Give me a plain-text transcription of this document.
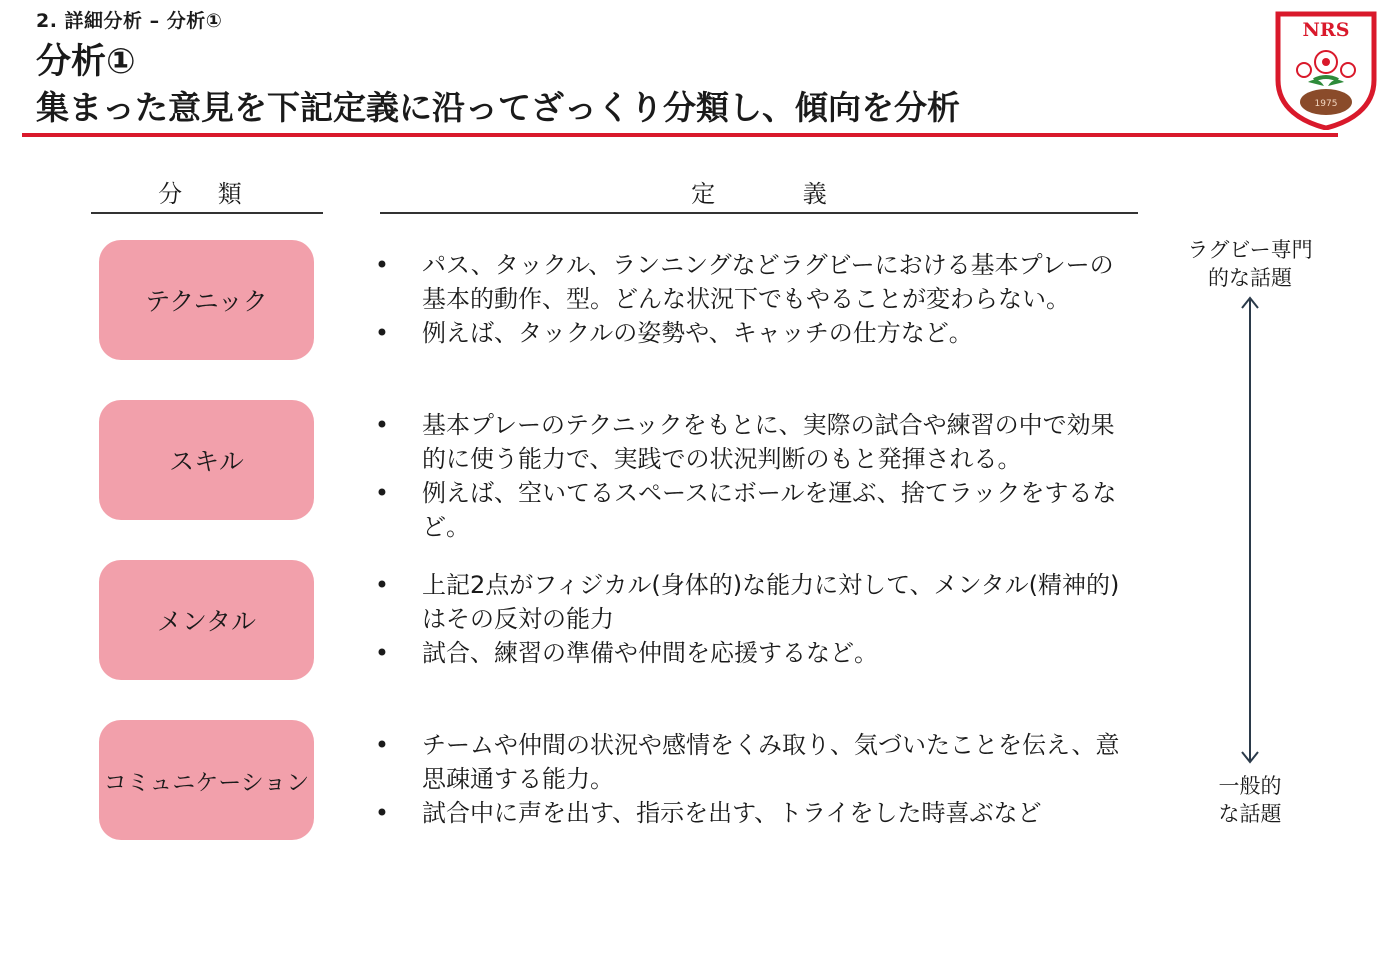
2. 詳細分析 – 分析①
分析①
集まった意見を下記定義に沿ってざっくり分類し、傾向を分析
NRS
1975
分 類	定 義
テクニック
• パス、タックル、ランニングなどラグビーにおける基本プレーの基本的動作、型。どんな状況下でもやることが変わらない。
• 例えば、タックルの姿勢や、キャッチの仕方など。
スキル
• 基本プレーのテクニックをもとに、実際の試合や練習の中で効果的に使う能力で、実践での状況判断のもと発揮される。
• 例えば、空いてるスペースにボールを運ぶ、捨てラックをするなど。
メンタル
• 上記2点がフィジカル(身体的)な能力に対して、メンタル(精神的)はその反対の能力
• 試合、練習の準備や仲間を応援するなど。
コミュニケーション
• チームや仲間の状況や感情をくみ取り、気づいたことを伝え、意思疎通する能力。
• 試合中に声を出す、指示を出す、トライをした時喜ぶなど
ラグビー専門
的な話題
一般的
な話題
